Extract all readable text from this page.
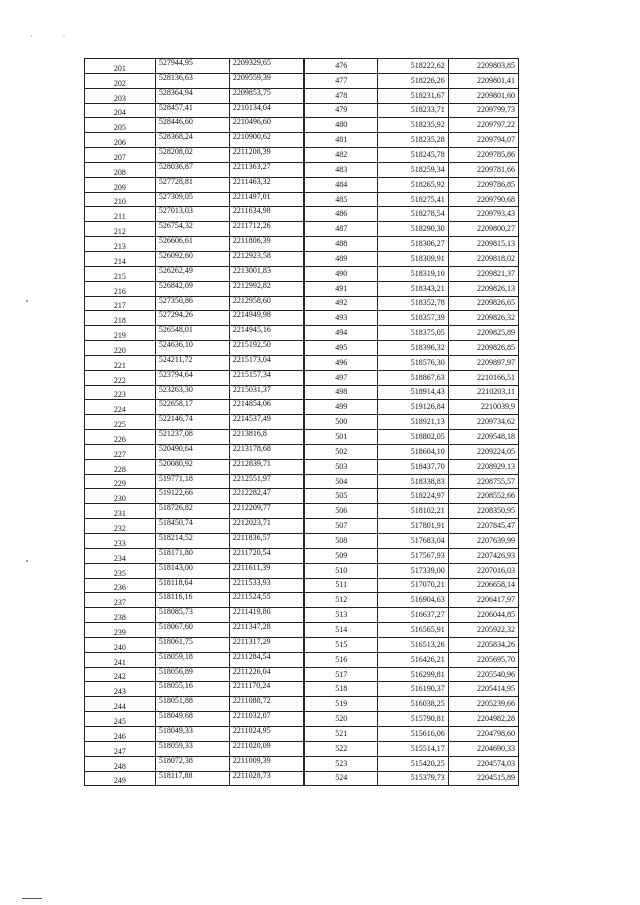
· ·
201	527944,95	2209329,65
202	528136,63	2209559,39
203	528364,94	2209853,75
204	528457,41	2210134,04
205	528446,60	2210496,60
206	528368,24	2210900,62
207	528208,02	2211208,39
208	528036,87	2211363,27
209	527728,81	2211463,32
210	527309,05	2211497,01
211	527013,03	2211634,98
212	526754,32	2211712,26
213	526606,61	2211806,39
214	526092,60	2212923,58
215	526262,49	2213001,83
216	526842,09	2212992,82
217	527350,86	2212958,60
218	527294,26	2214949,98
219	526548,01	2214945,16
220	524636,10	2215192,50
221	524211,72	2215173,04
222	523794,64	2215157,34
223	523263,30	2215031,37
224	522658,17	2214854,06
225	522146,74	2214537,49
226	521237,08	2213816,8
227	520490,64	2213178,68
228	520080,92	2212839,71
229	519771,18	2212551,97
230	519122,66	2212282,47
231	518726,82	2212209,77
232	518450,74	2212023,71
233	518214,52	2211836,57
234	518171,80	2211720,54
235	518143,00	2211611,39
236	518118,64	2211533,93
237	518116,16	2211524,55
238	518085,73	2211419,80
239	518067,60	2211347,28
240	518061,75	2211317,29
241	518059,18	2211284,54
242	518056,89	2211226,04
243	518055,16	2211170,24
244	518051,88	2211088,72
245	518049,68	2211032,07
246	518049,33	2211024,95
247	518059,33	2211020,09
248	518072,38	2211009,39
249	518117,88	2211028,73
476	518222,62	2209803,85
477	518226,26	2209801,41
478	518231,67	2209801,60
479	518233,71	2209799,73
480	518235,92	2209797,22
481	518235,28	2209794,07
482	518245,78	2209785,86
483	518259,34	2209781,66
484	518265,92	2209786,85
485	518275,41	2209790,68
486	518278,54	2209793,43
487	518290,30	2209800,27
488	518306,27	2209815,13
489	518309,91	2209818,02
490	518319,10	2209821,37
491	518343,21	2209826,13
492	518352,78	2209826,65
493	518357,39	2209826,32
494	518375,05	2209825,89
495	518396,32	2209826,85
496	518576,30	2209897,97
497	518867,63	2210166,51
498	518914,43	2210203,11
499	519126,84	2210039,9
500	518921,13	2209734,62
501	518802,05	2209548,18
502	518604,10	2209224,05
503	518437,70	2208929,13
504	518338,83	2208755,57
505	518224,97	2208552,66
506	518102,21	2208350,95
507	517801,91	2207845,47
508	517683,04	2207639,99
509	517567,93	2207426,93
510	517339,00	2207016,03
511	517070,21	2206658,14
512	516904,63	2206417,97
513	516637,27	2206044,85
514	516565,91	2205922,32
515	516513,26	2205834,26
516	516426,21	2205695,70
517	516299,81	2205540,96
518	516190,37	2205414,95
519	516038,25	2205239,66
520	515790,81	2204982,28
521	515616,06	2204798,60
522	515514,17	2204690,33
523	515420,25	2204574,03
524	515379,73	2204515,89
